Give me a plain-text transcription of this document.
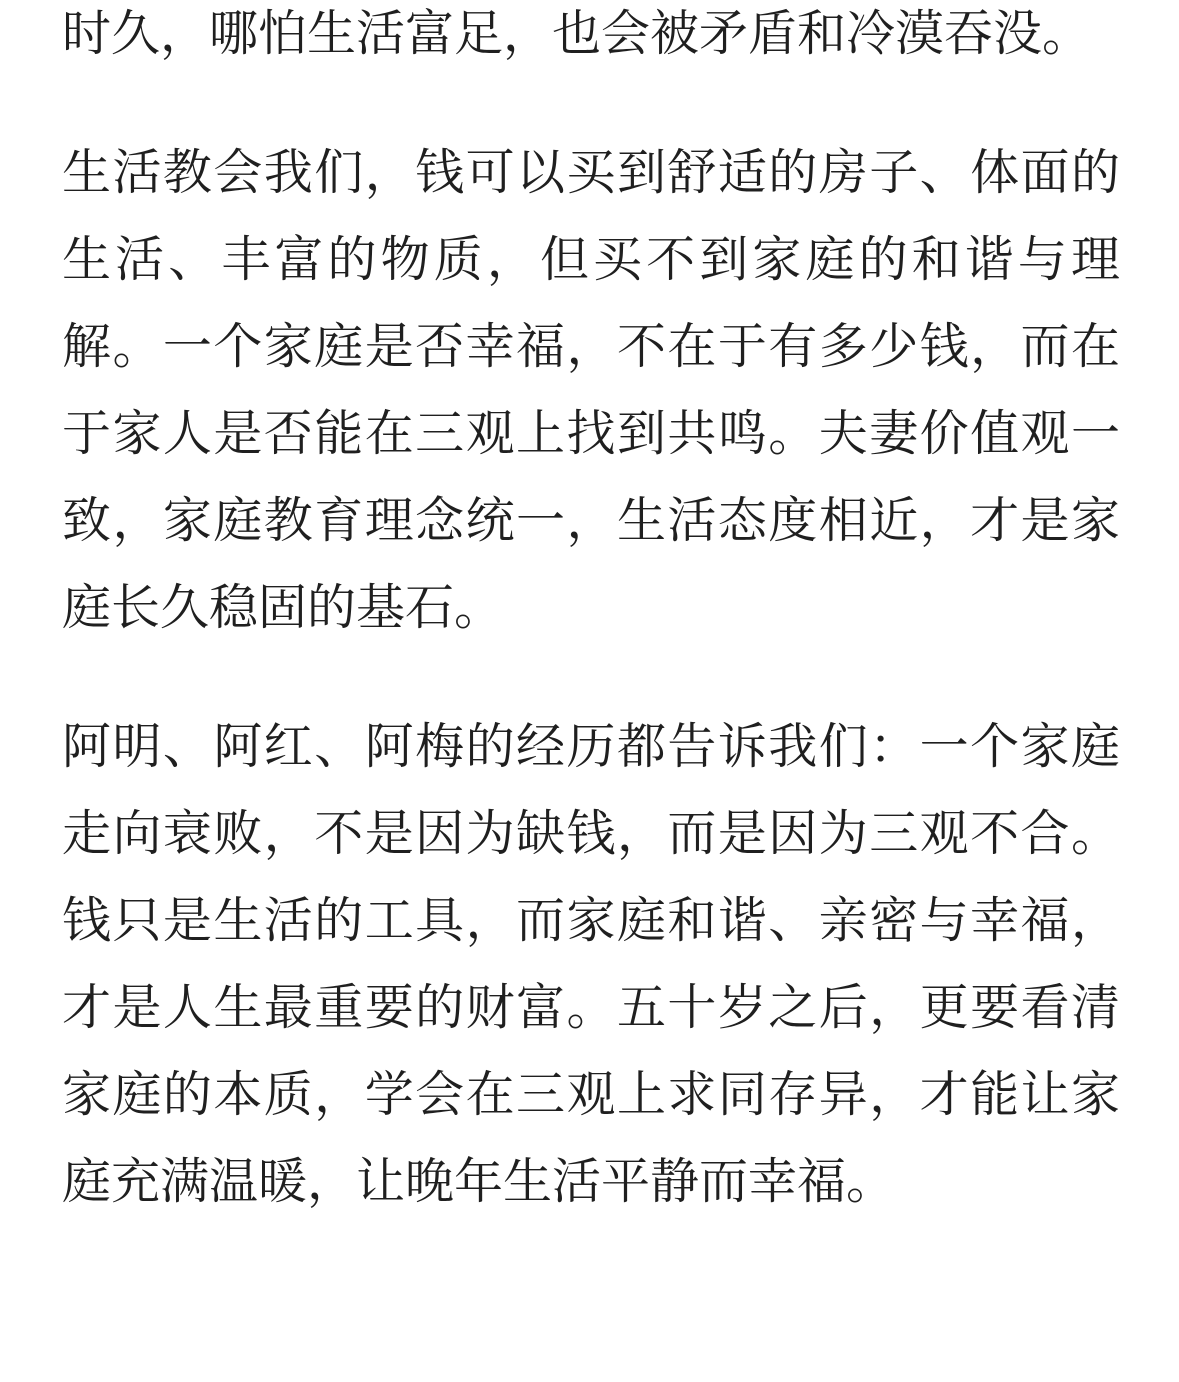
时久，哪怕生活富足，也会被矛盾和冷漠吞没。

生活教会我们，钱可以买到舒适的房子、体面的生活、丰富的物质，但买不到家庭的和谐与理解。一个家庭是否幸福，不在于有多少钱，而在于家人是否能在三观上找到共鸣。夫妻价值观一致，家庭教育理念统一，生活态度相近，才是家庭长久稳固的基石。

阿明、阿红、阿梅的经历都告诉我们：一个家庭走向衰败，不是因为缺钱，而是因为三观不合。钱只是生活的工具，而家庭和谐、亲密与幸福，才是人生最重要的财富。五十岁之后，更要看清家庭的本质，学会在三观上求同存异，才能让家庭充满温暖，让晚年生活平静而幸福。
